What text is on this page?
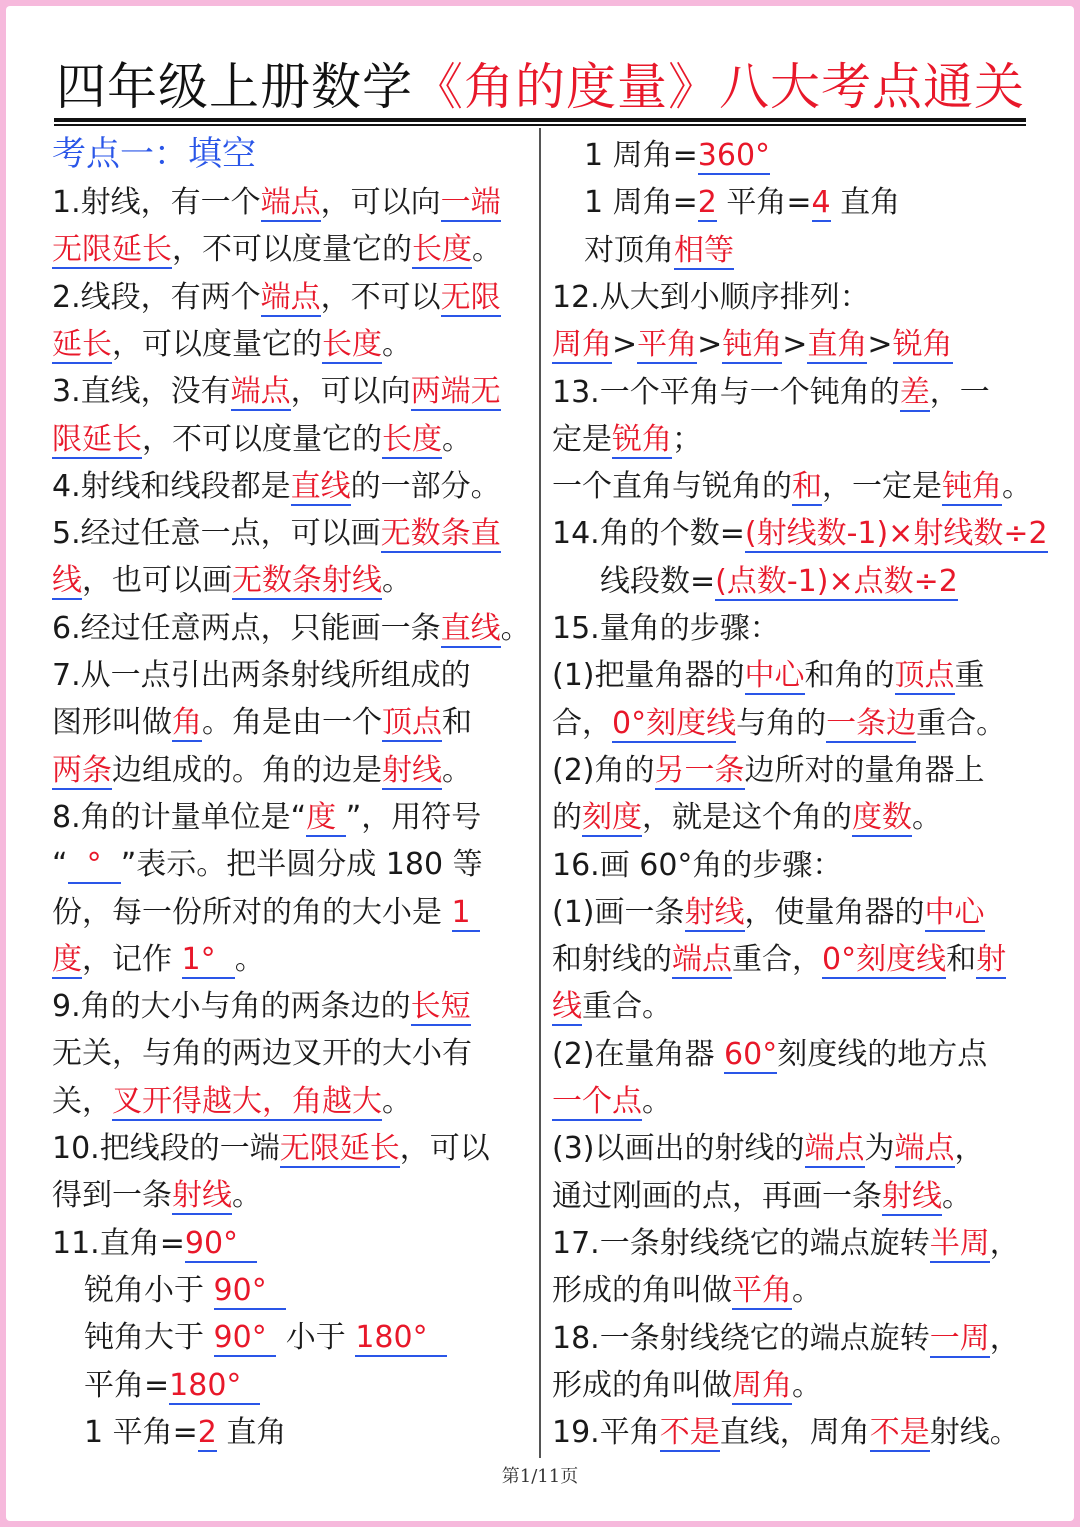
四年级上册数学《角的度量》八大考点通关
考点一：填空
1.射线，有一个端点，可以向一端
无限延长，不可以度量它的长度。
2.线段，有两个端点，不可以无限
延长，可以度量它的长度。
3.直线，没有端点，可以向两端无
限延长，不可以度量它的长度。
4.射线和线段都是直线的一部分。
5.经过任意一点，可以画无数条直
线，也可以画无数条射线。
6.经过任意两点，只能画一条直线。
7.从一点引出两条射线所组成的
图形叫做角。角是由一个顶点和
两条边组成的。角的边是射线。
8.角的计量单位是“度 ”，用符号
“  °  ”表示。把半圆分成 180 等
份，每一份所对的角的大小是 1
度，记作 1°  。
9.角的大小与角的两条边的长短
无关，与角的两边叉开的大小有
关，叉开得越大，角越大。
10.把线段的一端无限延长，可以
得到一条射线。
11.直角=90°
锐角小于 90°
钝角大于 90°  小于 180°
平角=180°
1 平角=2 直角
1 周角=360°
1 周角=2 平角=4 直角
对顶角相等
12.从大到小顺序排列：
周角>平角>钝角>直角>锐角
13.一个平角与一个钝角的差，一
定是锐角；
一个直角与锐角的和，一定是钝角。
14.角的个数=(射线数-1)×射线数÷2
线段数=(点数-1)×点数÷2
15.量角的步骤：
(1)把量角器的中心和角的顶点重
合，0°刻度线与角的一条边重合。
(2)角的另一条边所对的量角器上
的刻度，就是这个角的度数。
16.画 60°角的步骤：
(1)画一条射线，使量角器的中心
和射线的端点重合，0°刻度线和射
线重合。
(2)在量角器 60°刻度线的地方点
一个点。
(3)以画出的射线的端点为端点，
通过刚画的点，再画一条射线。
17.一条射线绕它的端点旋转半周，
形成的角叫做平角。
18.一条射线绕它的端点旋转一周，
形成的角叫做周角。
19.平角不是直线，周角不是射线。
第1/11页
